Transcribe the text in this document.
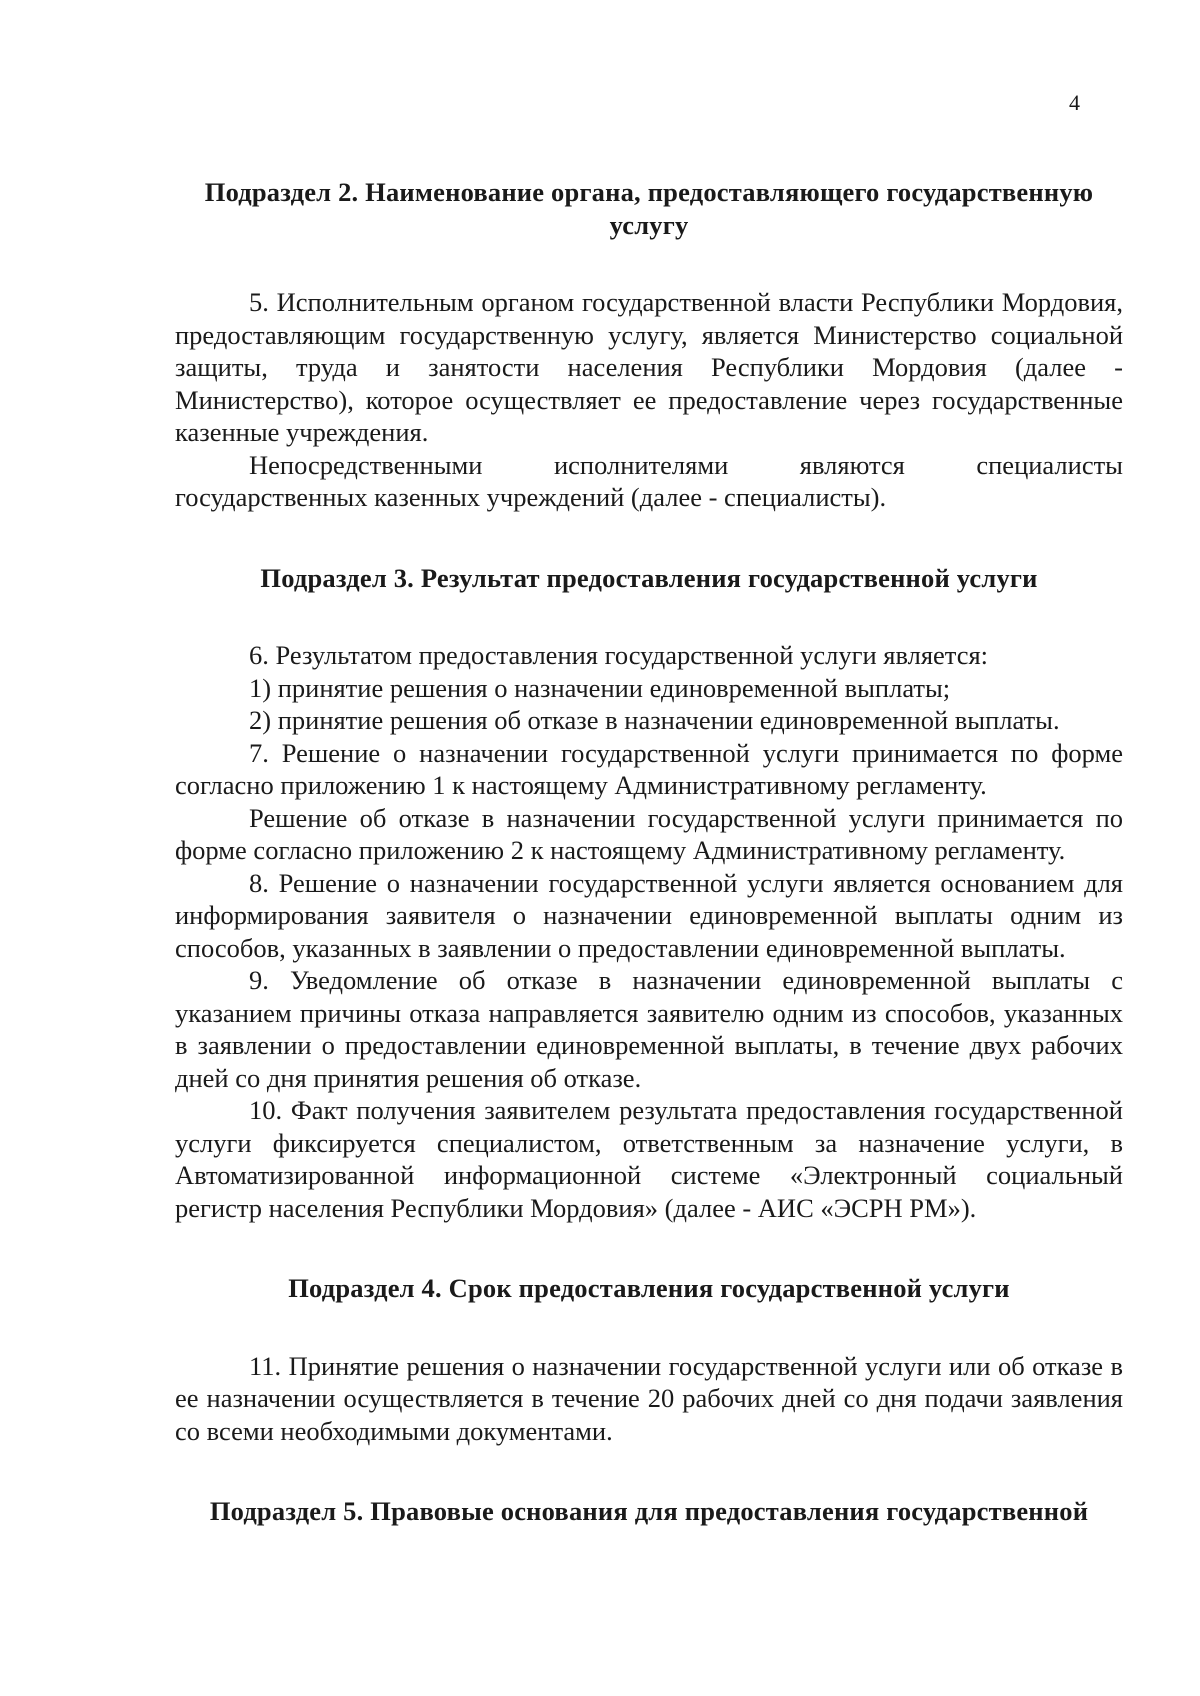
4

Подраздел 2. Наименование органа, предоставляющего государственную услугу

5. Исполнительным органом государственной власти Республики Мордовия, предоставляющим государственную услугу, является Министерство социальной защиты, труда и занятости населения Республики Мордовия (далее - Министерство), которое осуществляет ее предоставление через государственные казенные учреждения.

Непосредственными исполнителями являются специалисты государственных казенных учреждений (далее - специалисты).

Подраздел 3. Результат предоставления государственной услуги

6. Результатом предоставления государственной услуги является:

1) принятие решения о назначении единовременной выплаты;

2) принятие решения об отказе в назначении единовременной выплаты.

7. Решение о назначении государственной услуги принимается по форме согласно приложению 1 к настоящему Административному регламенту.

Решение об отказе в назначении государственной услуги принимается по форме согласно приложению 2 к настоящему Административному регламенту.

8. Решение о назначении государственной услуги является основанием для информирования заявителя о назначении единовременной выплаты одним из способов, указанных в заявлении о предоставлении единовременной выплаты.

9. Уведомление об отказе в назначении единовременной выплаты с указанием причины отказа направляется заявителю одним из способов, указанных в заявлении о предоставлении единовременной выплаты, в течение двух рабочих дней со дня принятия решения об отказе.

10. Факт получения заявителем результата предоставления государственной услуги фиксируется специалистом, ответственным за назначение услуги, в Автоматизированной информационной системе «Электронный социальный регистр населения Республики Мордовия» (далее - АИС «ЭСРН РМ»).

Подраздел 4. Срок предоставления государственной услуги

11. Принятие решения о назначении государственной услуги или об отказе в ее назначении осуществляется в течение 20 рабочих дней со дня подачи заявления со всеми необходимыми документами.

Подраздел 5. Правовые основания для предоставления государственной
